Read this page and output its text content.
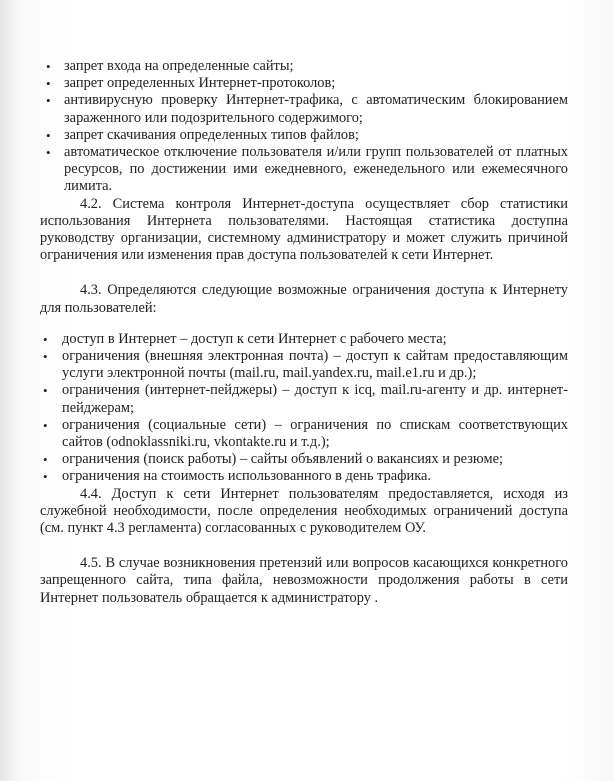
• запрет входа на определенные сайты;
• запрет определенных Интернет-протоколов;
• антивирусную проверку Интернет-трафика, с автоматическим блокированием зараженного или подозрительного содержимого;
• запрет скачивания определенных типов файлов;
• автоматическое отключение пользователя и/или групп пользователей от платных ресурсов, по достижении ими ежедневного, еженедельного или ежемесячного лимита.

4.2. Система контроля Интернет-доступа осуществляет сбор статистики использования Интернета пользователями. Настоящая статистика доступна руководству организации, системному администратору и может служить причиной ограничения или изменения прав доступа пользователей к сети Интернет.

4.3. Определяются следующие возможные ограничения доступа к Интернету для пользователей:

• доступ в Интернет – доступ к сети Интернет с рабочего места;
• ограничения (внешняя электронная почта) – доступ к сайтам предоставляющим услуги электронной почты (mail.ru, mail.yandex.ru, mail.e1.ru и др.);
• ограничения (интернет-пейджеры) – доступ к icq, mail.ru-агенту и др. интернет-пейджерам;
• ограничения (социальные сети) – ограничения по спискам соответствующих сайтов (odnoklassniki.ru, vkontakte.ru и т.д.);
• ограничения (поиск работы) – сайты объявлений о вакансиях и резюме;
• ограничения на стоимость использованного в день трафика.

4.4. Доступ к сети Интернет пользователям предоставляется, исходя из служебной необходимости, после определения необходимых ограничений доступа (см. пункт 4.3 регламента) согласованных с руководителем ОУ.

4.5. В случае возникновения претензий или вопросов касающихся конкретного запрещенного сайта, типа файла, невозможности продолжения работы в сети Интернет пользователь обращается к администратору .
